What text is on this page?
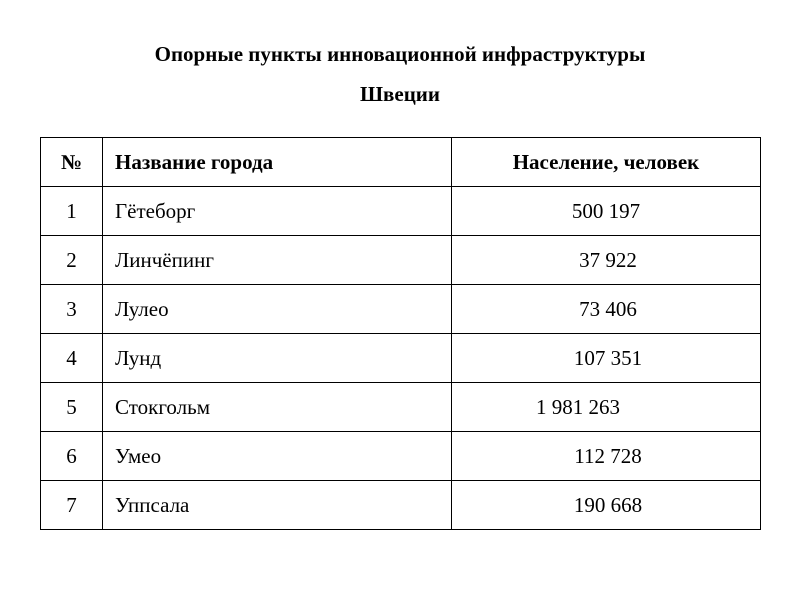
Опорные пункты инновационной инфраструктуры
Швеции
№	Название города	Население, человек
1	Гётеборг	500 197
2	Линчёпинг	37 922
3	Лулео	73 406
4	Лунд	107 351
5	Стокгольм	1 981 263
6	Умео	112 728
7	Уппсала	190 668
